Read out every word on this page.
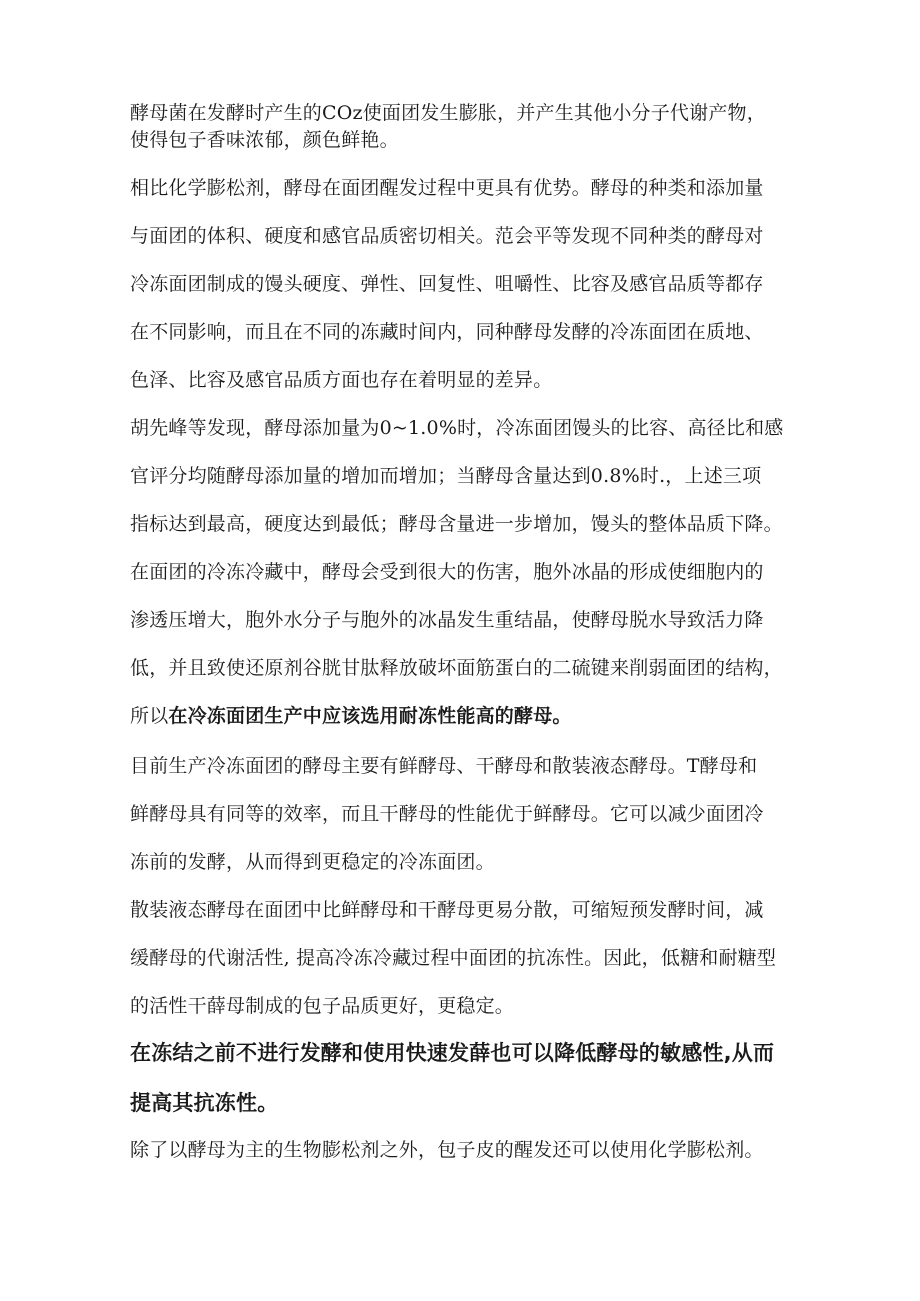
酵母菌在发酵时产生的COz使面团发生膨胀，并产生其他小分子代谢产物，
使得包子香味浓郁，颜色鲜艳。
相比化学膨松剂，酵母在面团醒发过程中更具有优势。酵母的种类和添加量
与面团的体积、硬度和感官品质密切相关。范会平等发现不同种类的酵母对
冷冻面团制成的馒头硬度、弹性、回复性、咀嚼性、比容及感官品质等都存
在不同影响，而且在不同的冻藏时间内，同种酵母发酵的冷冻面团在质地、
色泽、比容及感官品质方面也存在着明显的差异。
胡先峰等发现，酵母添加量为0~1.0%时，冷冻面团馒头的比容、高径比和感
官评分均随酵母添加量的增加而增加；当酵母含量达到0.8%时.，上述三项
指标达到最高，硬度达到最低；酵母含量进一步增加，馒头的整体品质下降。
在面团的冷冻冷藏中，酵母会受到很大的伤害，胞外冰晶的形成使细胞内的
渗透压增大，胞外水分子与胞外的冰晶发生重结晶，使酵母脱水导致活力降
低，并且致使还原剂谷胱甘肽释放破坏面筋蛋白的二硫键来削弱面团的结构，
所以在冷冻面团生产中应该选用耐冻性能高的酵母。
目前生产冷冻面团的酵母主要有鲜酵母、干酵母和散装液态酵母。T酵母和
鲜酵母具有同等的效率，而且干酵母的性能优于鲜酵母。它可以减少面团冷
冻前的发酵，从而得到更稳定的冷冻面团。
散装液态酵母在面团中比鲜酵母和干酵母更易分散，可缩短预发酵时间，减
缓酵母的代谢活性, 提高冷冻冷藏过程中面团的抗冻性。因此，低糖和耐糖型
的活性干薛母制成的包子品质更好，更稳定。
在冻结之前不进行发酵和使用快速发薛也可以降低酵母的敏感性,从而
提高其抗冻性。
除了以酵母为主的生物膨松剂之外，包子皮的醒发还可以使用化学膨松剂。
